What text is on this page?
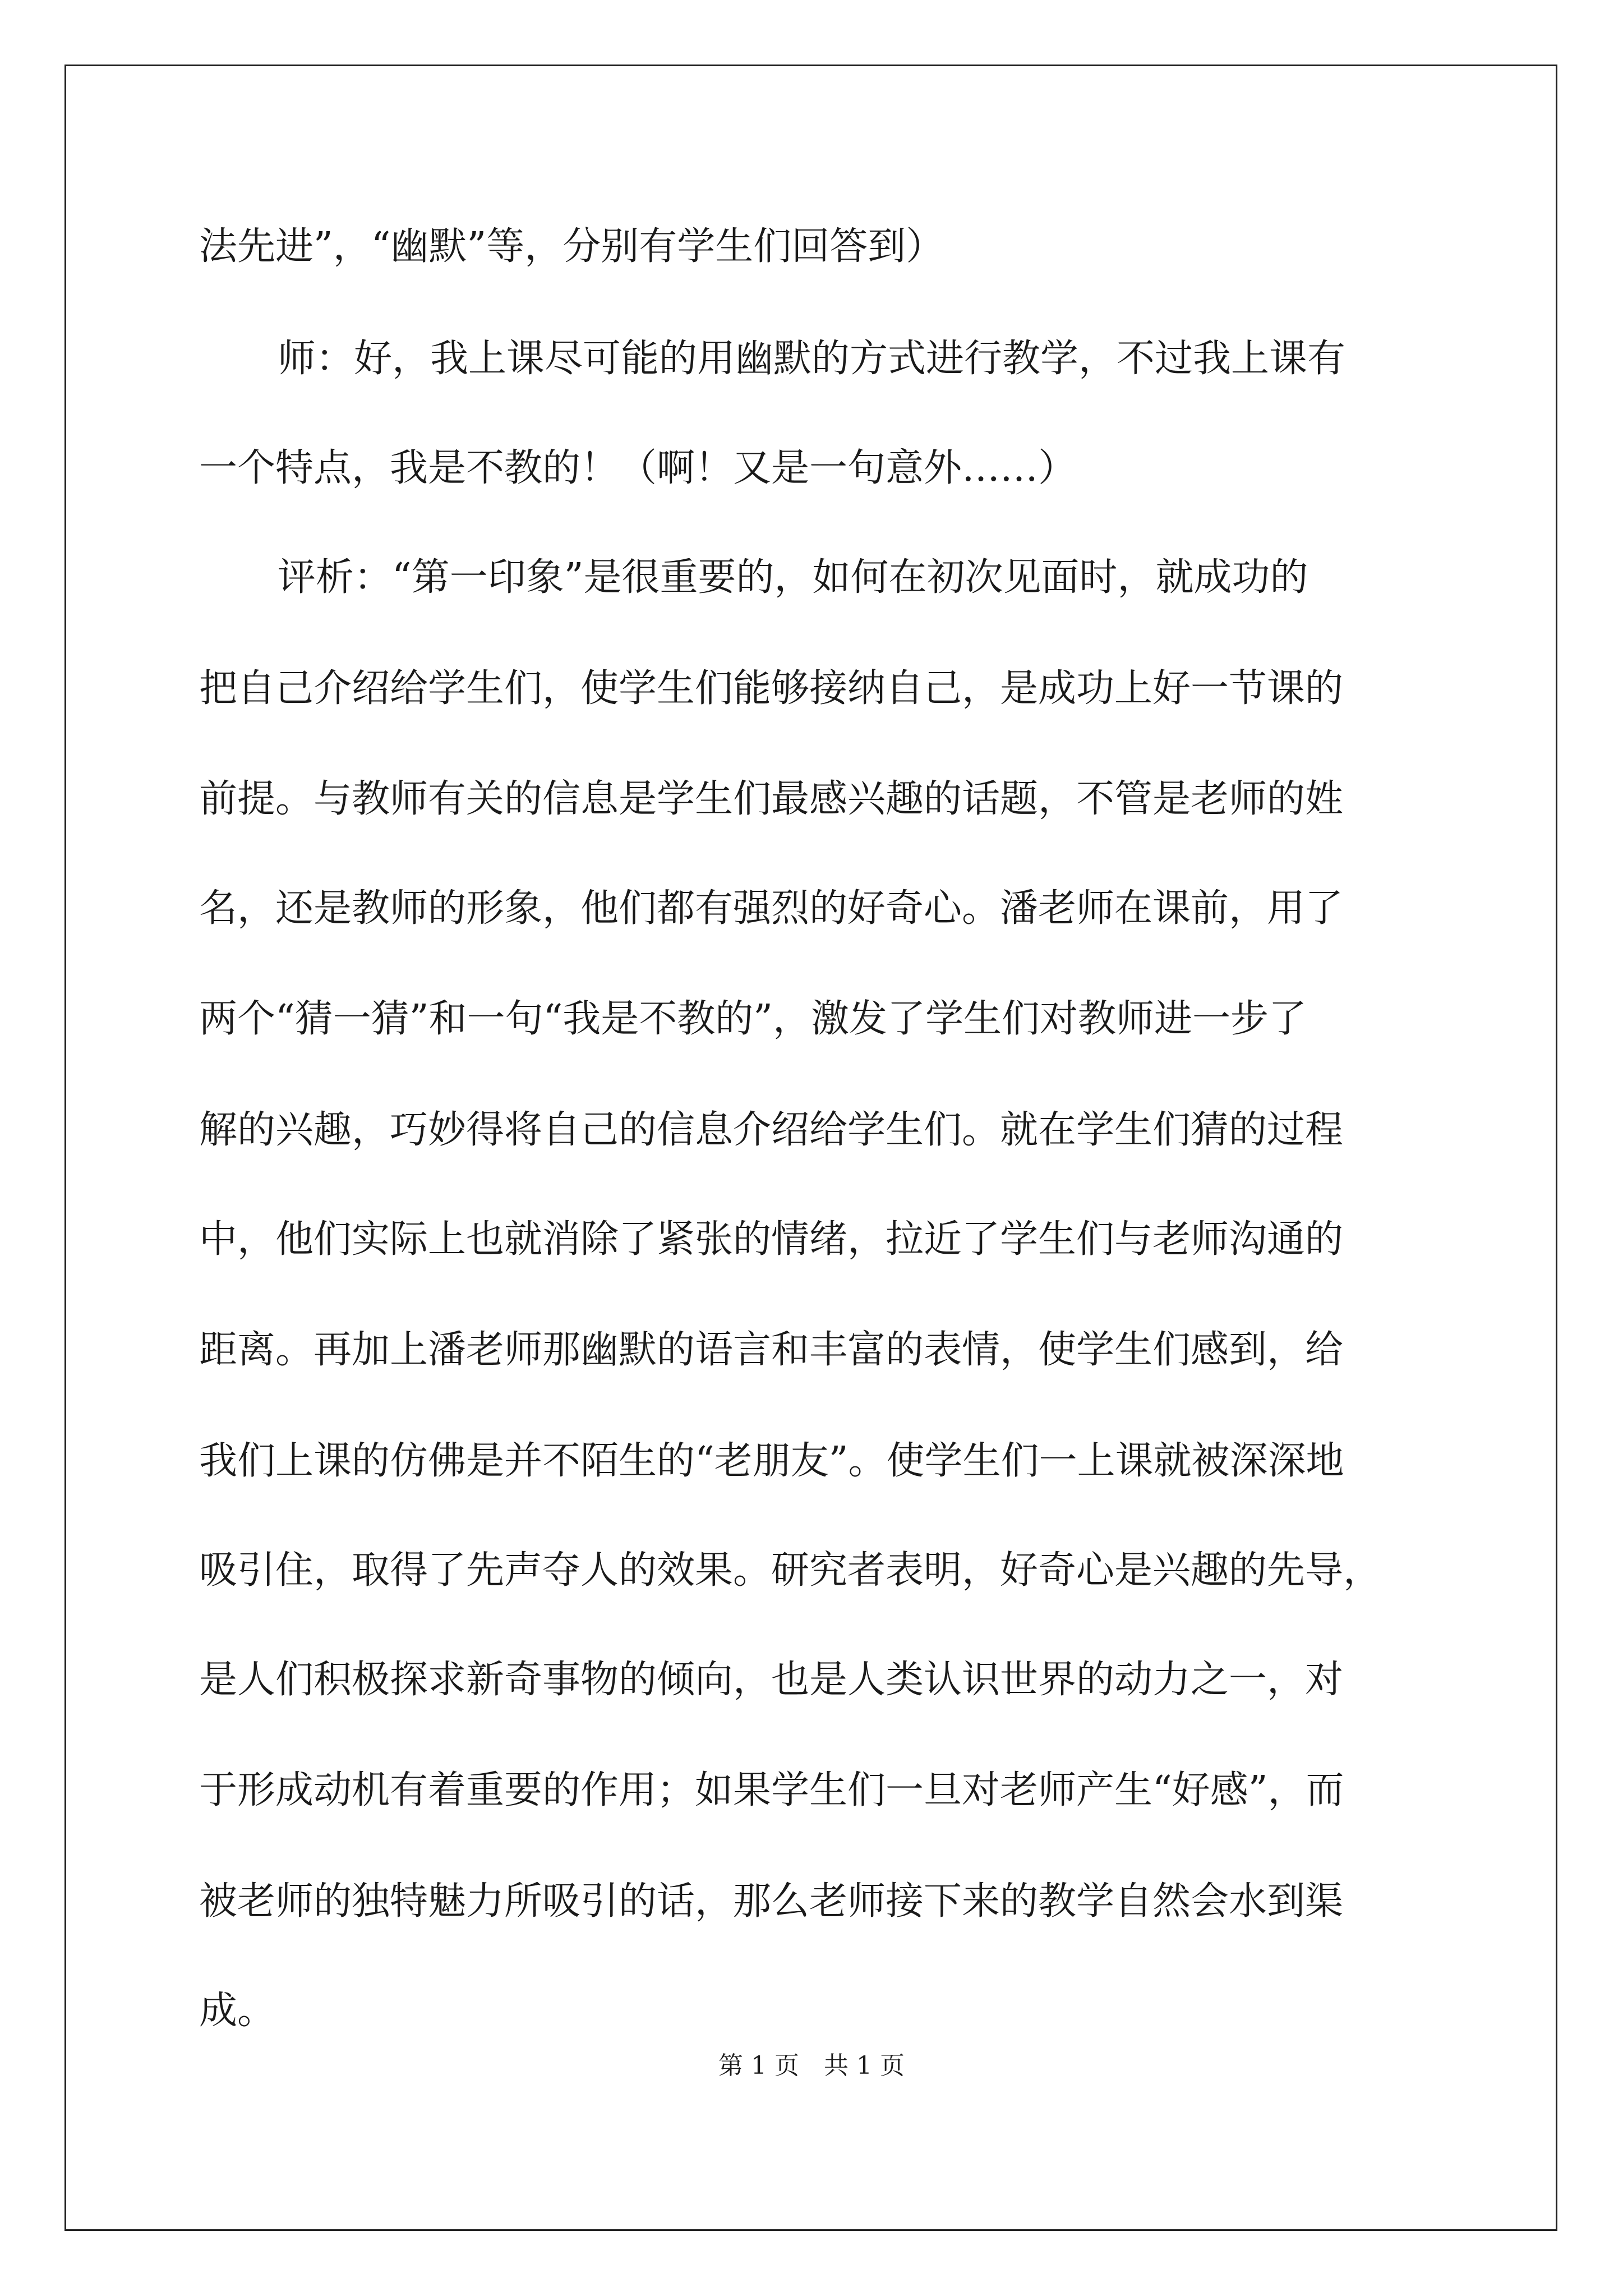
法先进”，“幽默”等，分别有学生们回答到）
师：好，我上课尽可能的用幽默的方式进行教学，不过我上课有
一个特点，我是不教的！（啊！又是一句意外……）
评析：“第一印象”是很重要的，如何在初次见面时，就成功的
把自己介绍给学生们，使学生们能够接纳自己，是成功上好一节课的
前提。与教师有关的信息是学生们最感兴趣的话题，不管是老师的姓
名，还是教师的形象，他们都有强烈的好奇心。潘老师在课前，用了
两个“猜一猜”和一句“我是不教的”，激发了学生们对教师进一步了
解的兴趣，巧妙得将自己的信息介绍给学生们。就在学生们猜的过程
中，他们实际上也就消除了紧张的情绪，拉近了学生们与老师沟通的
距离。再加上潘老师那幽默的语言和丰富的表情，使学生们感到，给
我们上课的仿佛是并不陌生的“老朋友”。使学生们一上课就被深深地
吸引住，取得了先声夺人的效果。研究者表明，好奇心是兴趣的先导，
是人们积极探求新奇事物的倾向，也是人类认识世界的动力之一，对
于形成动机有着重要的作用；如果学生们一旦对老师产生“好感”，而
被老师的独特魅力所吸引的话，那么老师接下来的教学自然会水到渠
成。
第 1 页　共 1 页
